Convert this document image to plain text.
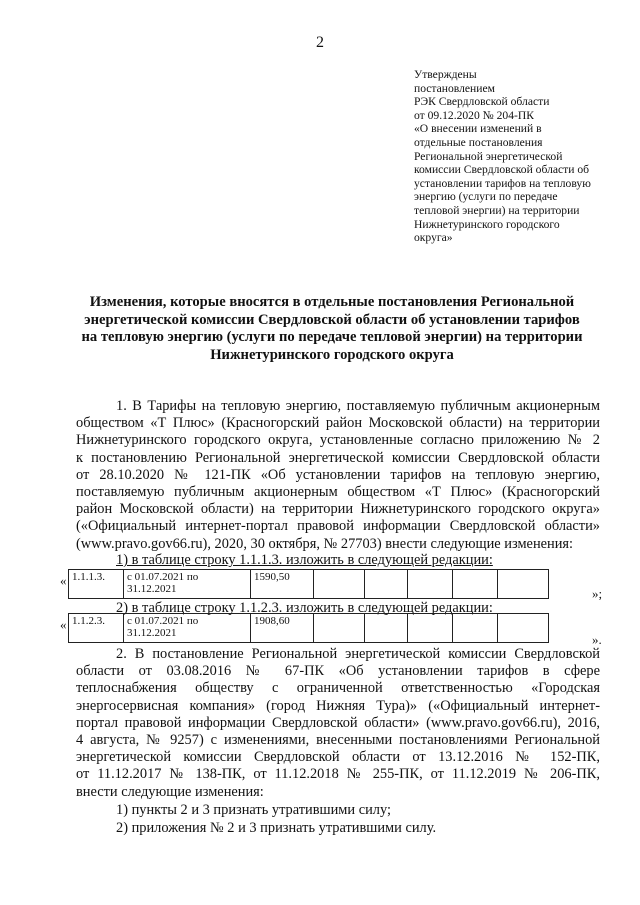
2
Утверждены
постановлением
РЭК Свердловской области
от 09.12.2020 № 204-ПК
«О внесении изменений в
отдельные постановления
Региональной энергетической
комиссии Свердловской области об
установлении тарифов на тепловую
энергию (услуги по передаче
тепловой энергии) на территории
Нижнетуринского городского
округа»
Изменения, которые вносятся в отдельные постановления Региональной
энергетической комиссии Свердловской области об установлении тарифов
на тепловую энергию (услуги по передаче тепловой энергии) на территории
Нижнетуринского городского округа
1. В Тарифы на тепловую энергию, поставляемую публичным акционерным
обществом «Т Плюс» (Красногорский район Московской области) на территории
Нижнетуринского городского округа, установленные согласно приложению № 2
к постановлению Региональной энергетической комиссии Свердловской области
от 28.10.2020 № 121-ПК «Об установлении тарифов на тепловую энергию,
поставляемую публичным акционерным обществом «Т Плюс» (Красногорский
район Московской области) на территории Нижнетуринского городского округа»
(«Официальный интернет-портал правовой информации Свердловской области»
(www.pravo.gov66.ru), 2020, 30 октября, № 27703) внести следующие изменения:
1) в таблице строку 1.1.1.3. изложить в следующей редакции:
« 1.1.1.3.	с 01.07.2021 по
31.12.2021
	1590,50					
»;
2) в таблице строку 1.1.2.3. изложить в следующей редакции:
« 1.1.2.3.	с 01.07.2021 по
31.12.2021
	1908,60					
».
2. В постановление Региональной энергетической комиссии Свердловской
области от 03.08.2016 № 67-ПК «Об установлении тарифов в сфере
теплоснабжения обществу с ограниченной ответственностью «Городская
энергосервисная компания» (город Нижняя Тура)» («Официальный интернет-
портал правовой информации Свердловской области» (www.pravo.gov66.ru), 2016,
4 августа, № 9257) с изменениями, внесенными постановлениями Региональной
энергетической комиссии Свердловской области от 13.12.2016 № 152-ПК,
от 11.12.2017 № 138-ПК, от 11.12.2018 № 255-ПК, от 11.12.2019 № 206-ПК,
внести следующие изменения:
1) пункты 2 и 3 признать утратившими силу;
2) приложения № 2 и 3 признать утратившими силу.
